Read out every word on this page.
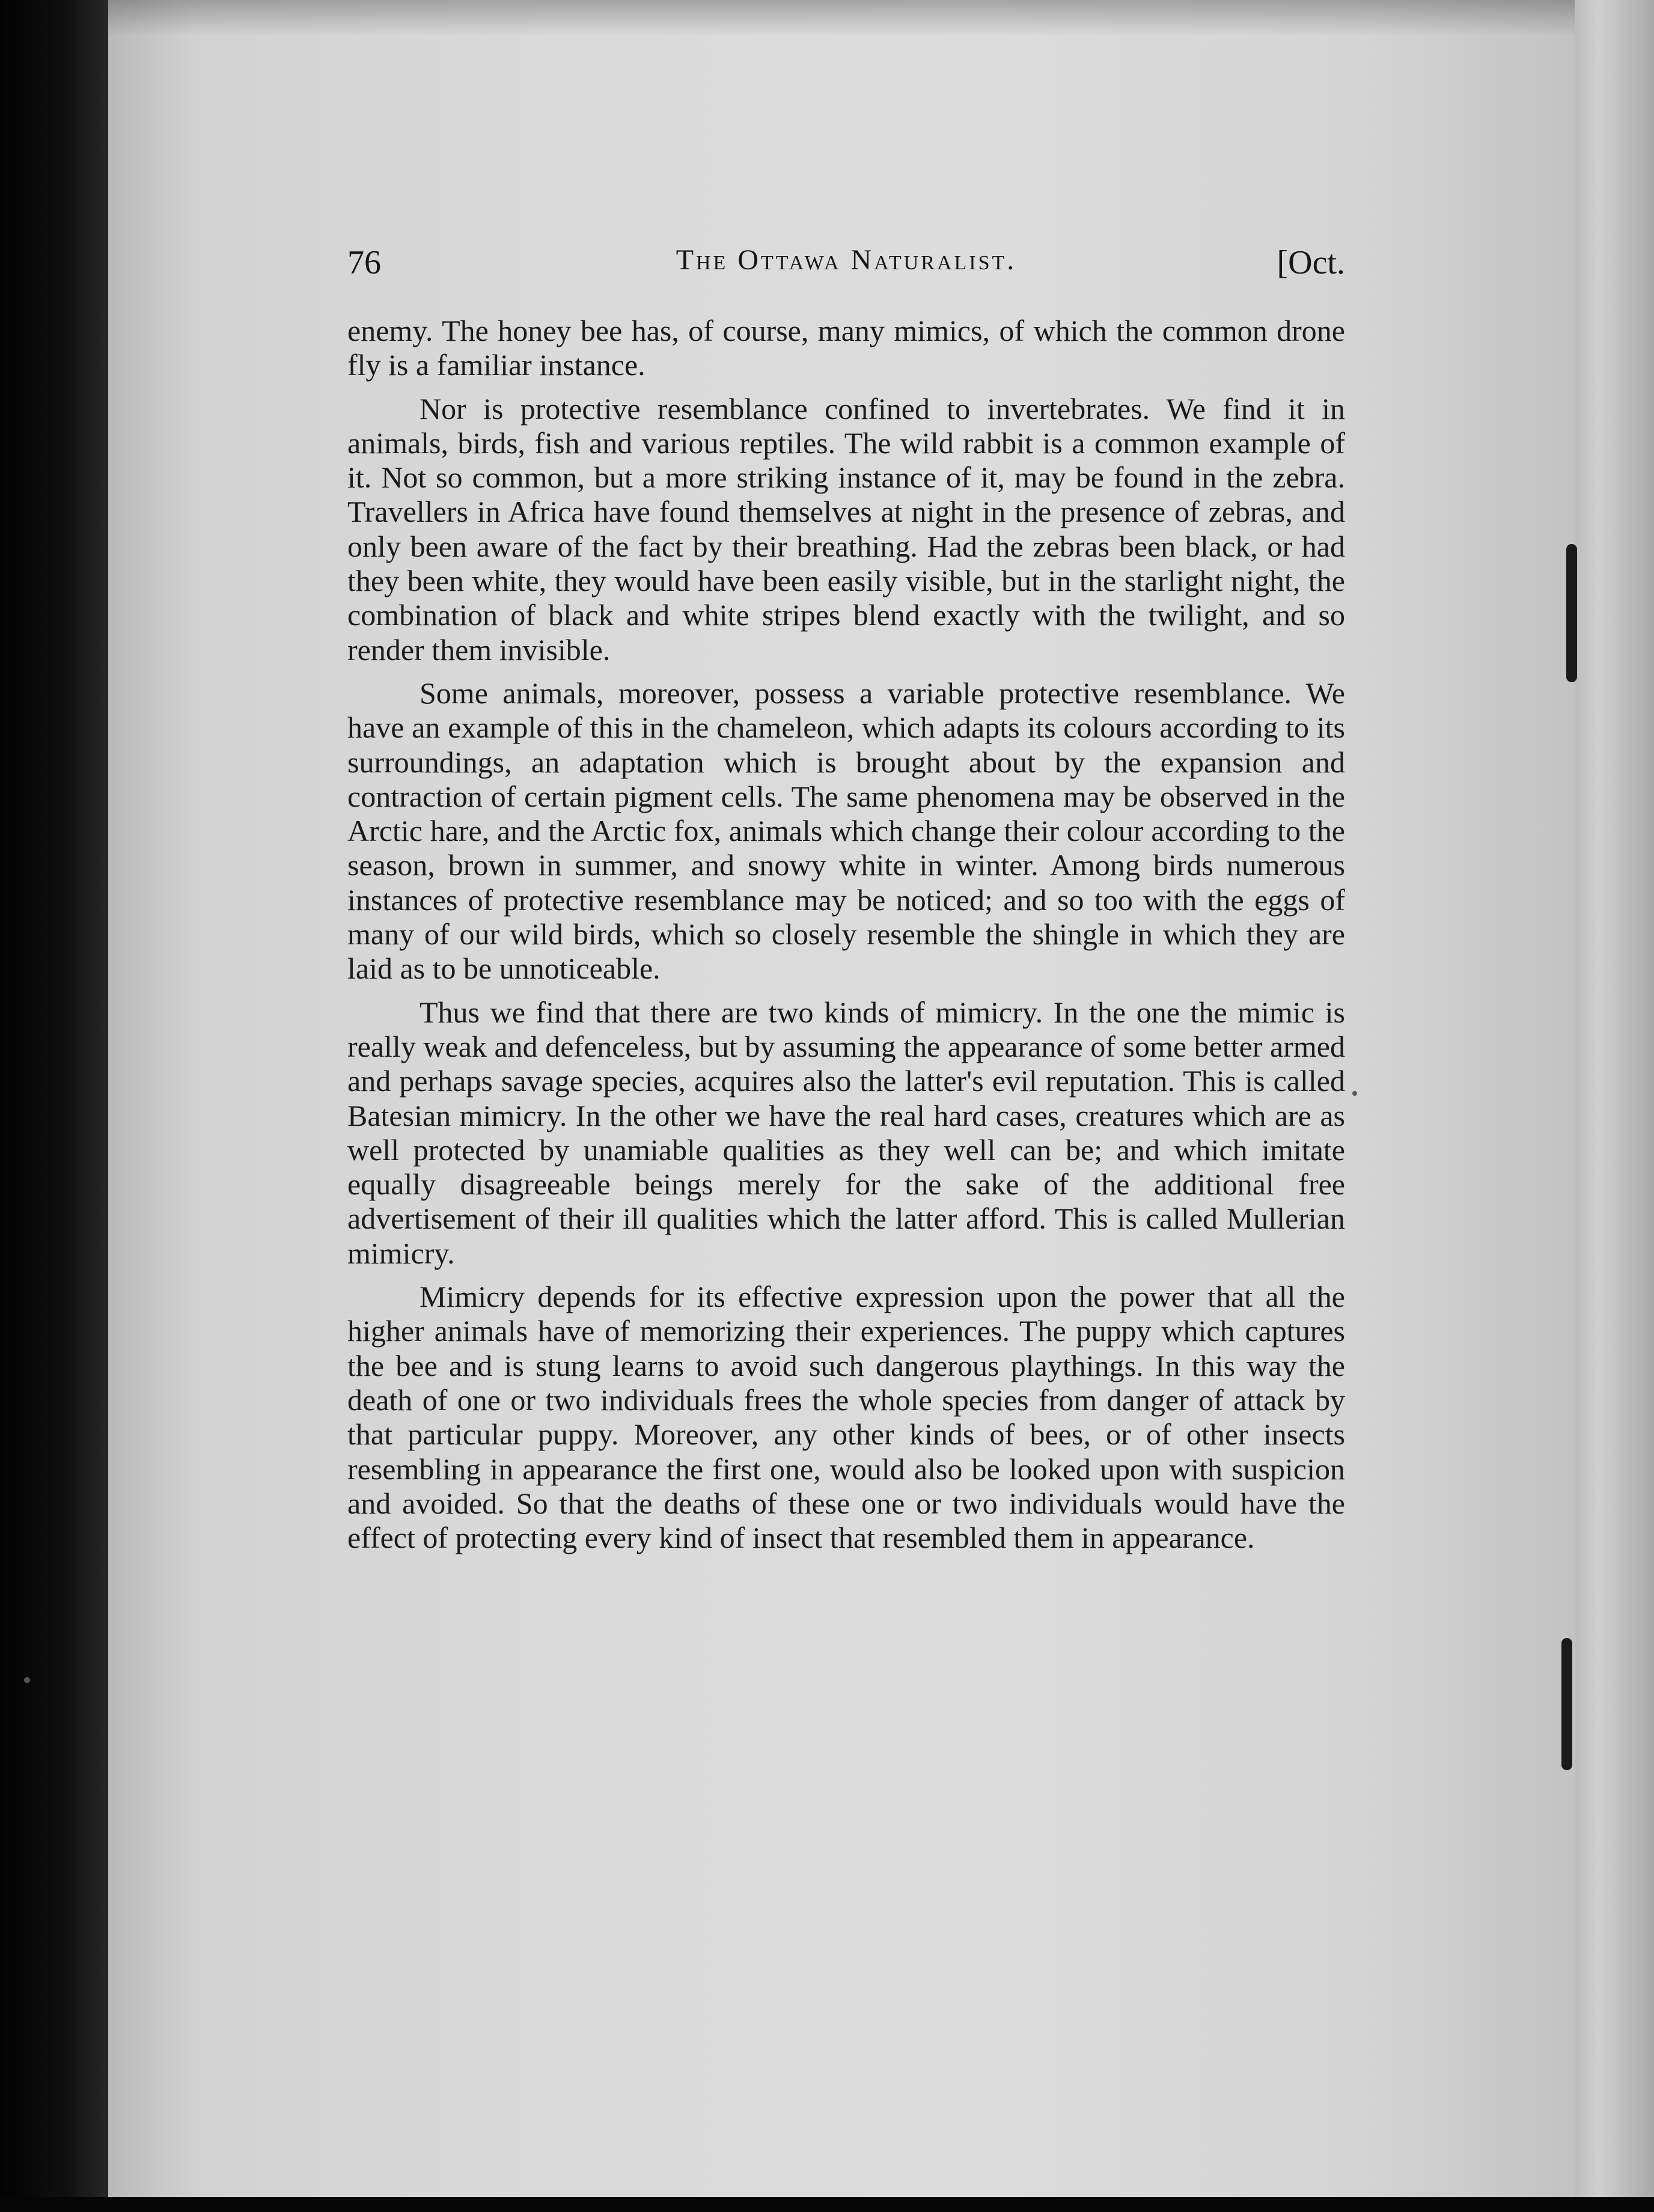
76	The Ottawa Naturalist.	[Oct.

enemy. The honey bee has, of course, many mimics, of which the common drone fly is a familiar instance.

Nor is protective resemblance confined to invertebrates. We find it in animals, birds, fish and various reptiles. The wild rabbit is a common example of it. Not so common, but a more striking instance of it, may be found in the zebra. Travellers in Africa have found themselves at night in the presence of zebras, and only been aware of the fact by their breathing. Had the zebras been black, or had they been white, they would have been easily visible, but in the starlight night, the combination of black and white stripes blend exactly with the twilight, and so render them invisible.

Some animals, moreover, possess a variable protective resemblance. We have an example of this in the chameleon, which adapts its colours according to its surroundings, an adaptation which is brought about by the expansion and contraction of certain pigment cells. The same phenomena may be observed in the Arctic hare, and the Arctic fox, animals which change their colour according to the season, brown in summer, and snowy white in winter. Among birds numerous instances of protective resemblance may be noticed; and so too with the eggs of many of our wild birds, which so closely resemble the shingle in which they are laid as to be unnoticeable.

Thus we find that there are two kinds of mimicry. In the one the mimic is really weak and defenceless, but by assuming the appearance of some better armed and perhaps savage species, acquires also the latter's evil reputation. This is called Batesian mimicry. In the other we have the real hard cases, creatures which are as well protected by unamiable qualities as they well can be; and which imitate equally disagreeable beings merely for the sake of the additional free advertisement of their ill qualities which the latter afford. This is called Mullerian mimicry.

Mimicry depends for its effective expression upon the power that all the higher animals have of memorizing their experiences. The puppy which captures the bee and is stung learns to avoid such dangerous playthings. In this way the death of one or two individuals frees the whole species from danger of attack by that particular puppy. Moreover, any other kinds of bees, or of other insects resembling in appearance the first one, would also be looked upon with suspicion and avoided. So that the deaths of these one or two individuals would have the effect of protecting every kind of insect that resembled them in appearance.
